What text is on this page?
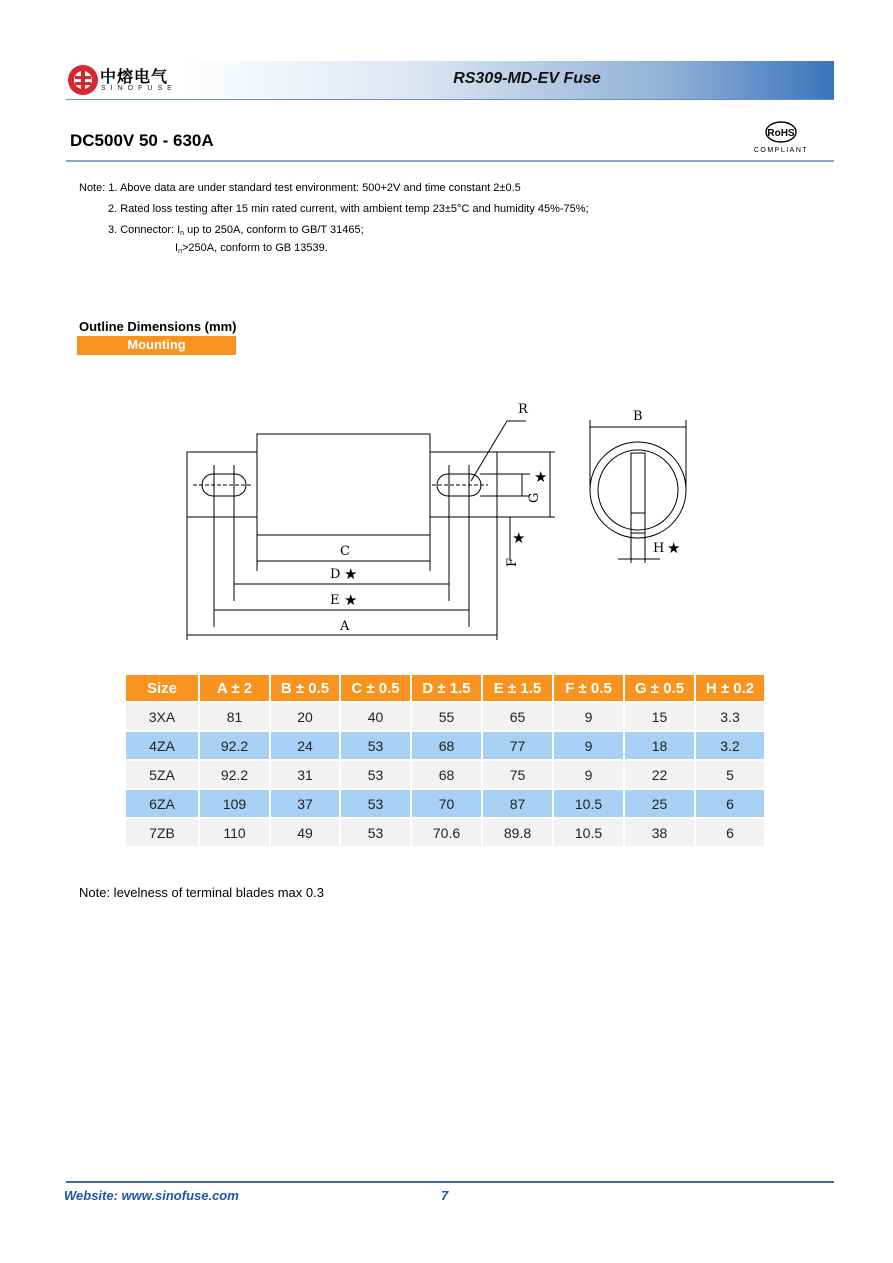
中熔电气
SINOFUSE
RS309-MD-EV Fuse
DC500V 50 - 630A	RoHS
COMPLIANT
Note: 1. Above data are under standard test environment: 500+2V and time constant 2±0.5
2. Rated loss testing after 15 min rated current, with ambient temp 23±5°C and humidity 45%-75%;
3. Connector: $I_n$ up to 250A, conform to GB/T 31465;
$I_n>250A$, conform to GB 13539.
Outline Dimensions (mm)
Mounting
C
D ★
E ★
A
R
★
G
★
F
B
H ★
Size	A ± 2	B ± 0.5	C ± 0.5	D ± 1.5	E ± 1.5	F ± 0.5	G ± 0.5	H ± 0.2
3XA	81	20	40	55	65	9	15	3.3
4ZA	92.2	24	53	68	77	9	18	3.2
5ZA	92.2	31	53	68	75	9	22	5
6ZA	109	37	53	70	87	10.5	25	6
7ZB	110	49	53	70.6	89.8	10.5	38	6
Note: levelness of terminal blades max 0.3
Website: www.sinofuse.com	7
